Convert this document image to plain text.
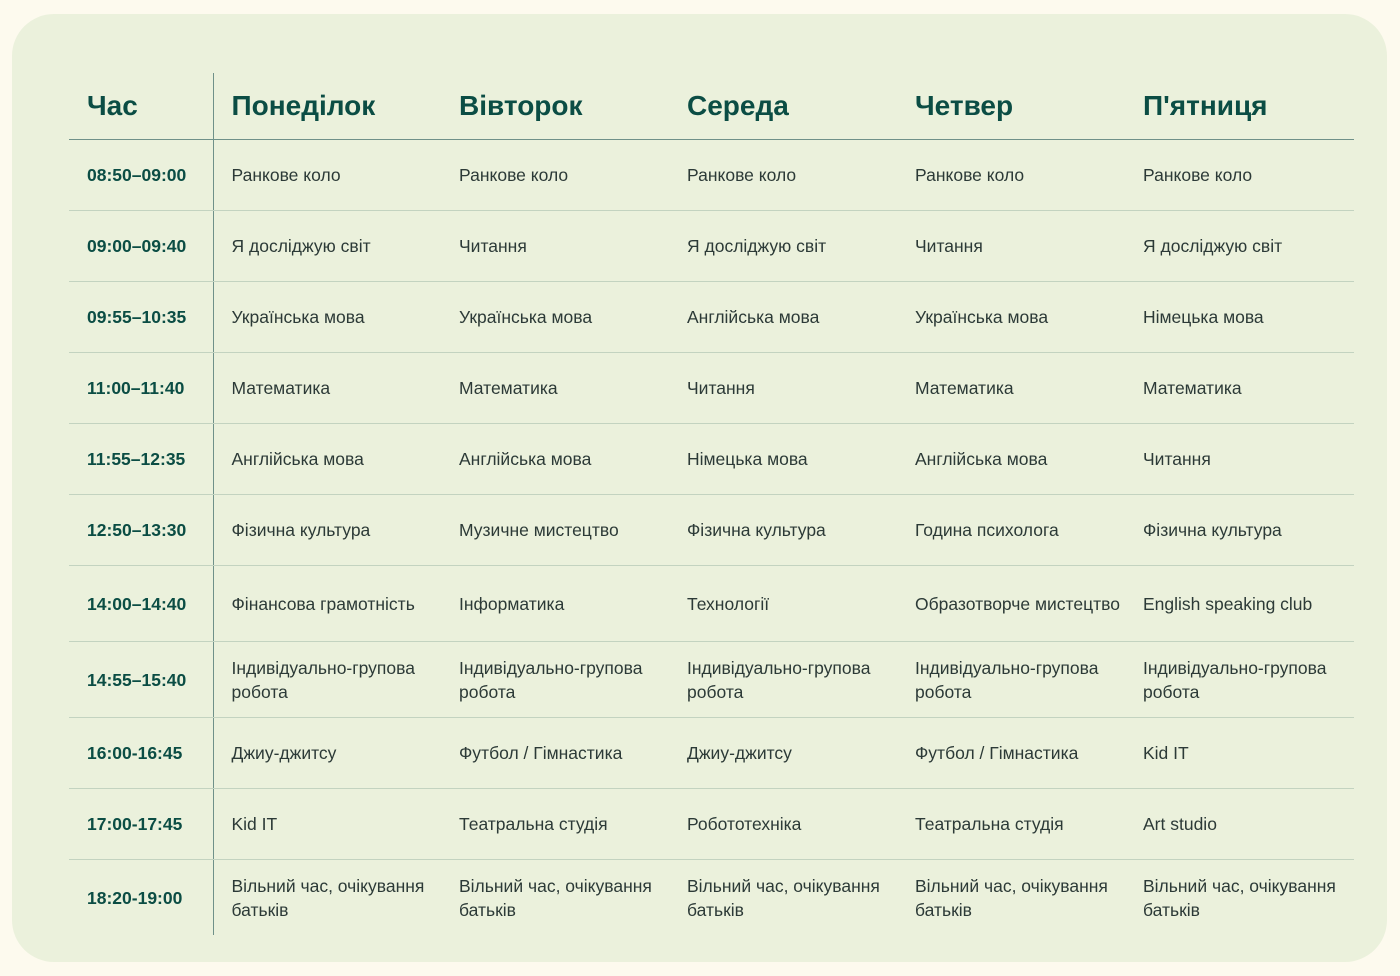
Час	Понеділок	Вівторок	Середа	Четвер	П'ятниця
08:50–09:00	Ранкове коло	Ранкове коло	Ранкове коло	Ранкове коло	Ранкове коло
09:00–09:40	Я досліджую світ	Читання	Я досліджую світ	Читання	Я досліджую світ
09:55–10:35	Українська мова	Українська мова	Англійська мова	Українська мова	Німецька мова
11:00–11:40	Математика	Математика	Читання	Математика	Математика
11:55–12:35	Англійська мова	Англійська мова	Німецька мова	Англійська мова	Читання
12:50–13:30	Фізична культура	Музичне мистецтво	Фізична культура	Година психолога	Фізична культура
14:00–14:40	Фінансова грамотність	Інформатика	Технології	Образотворче мистецтво	English speaking club
14:55–15:40	Індивідуально-групова робота	Індивідуально-групова робота	Індивідуально-групова робота	Індивідуально-групова робота	Індивідуально-групова робота
16:00-16:45	Джиу-джитсу	Футбол / Гімнастика	Джиу-джитсу	Футбол / Гімнастика	Kid IT
17:00-17:45	Kid IT	Театральна студія	Робототехніка	Театральна студія	Art studio
18:20-19:00	Вільний час, очікування батьків	Вільний час, очікування батьків	Вільний час, очікування батьків	Вільний час, очікування батьків	Вільний час, очікування батьків
